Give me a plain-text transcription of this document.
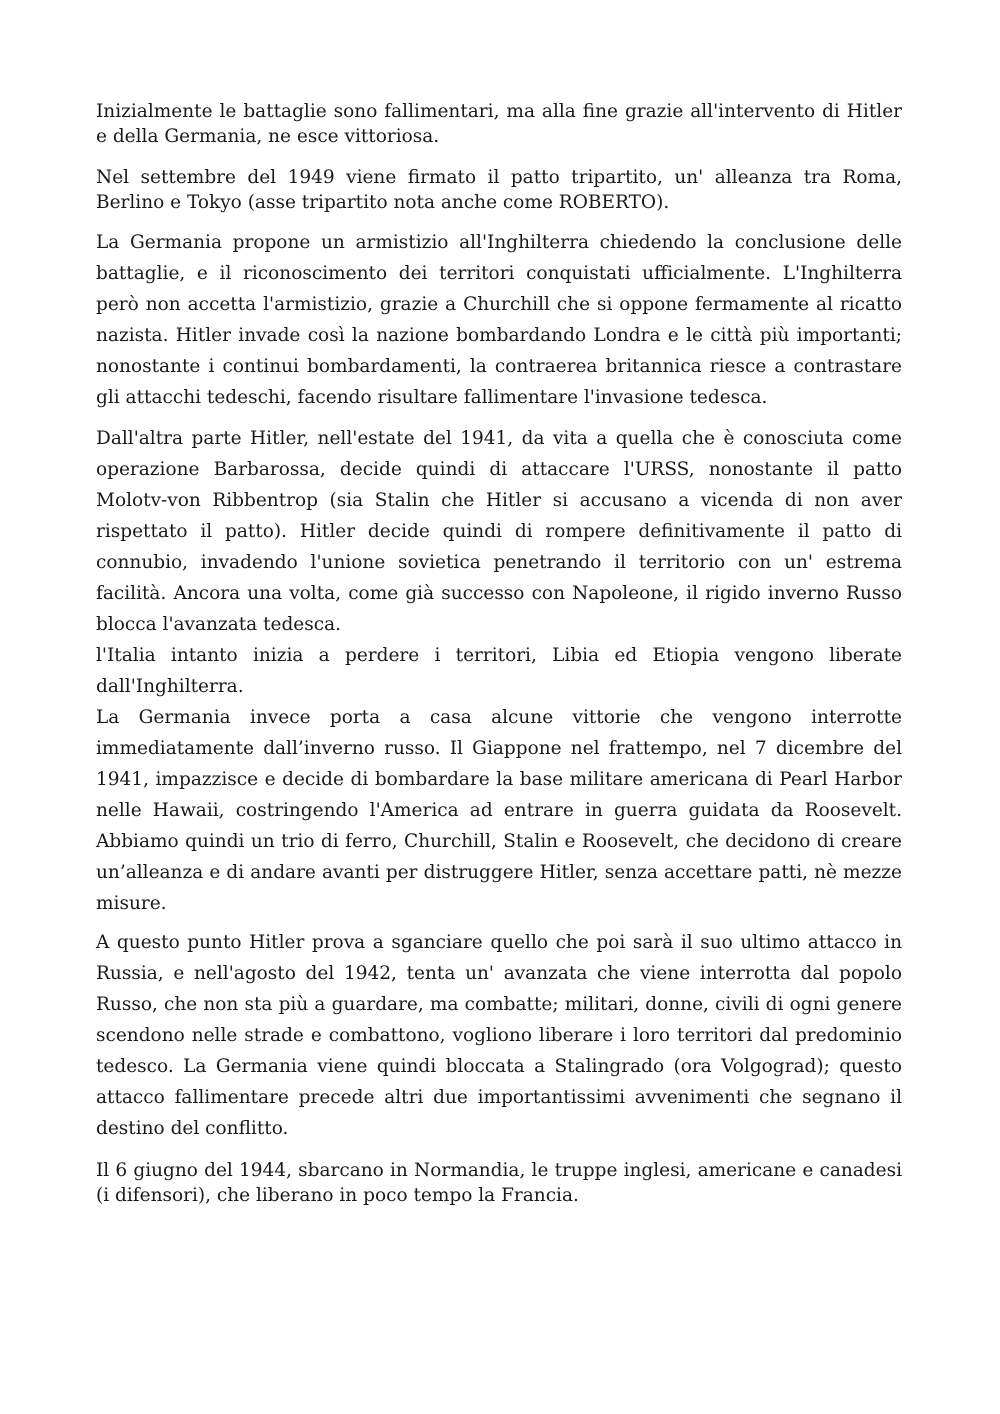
Inizialmente le battaglie sono fallimentari, ma alla fine grazie all'intervento di Hitler e della Germania, ne esce vittoriosa.

Nel settembre del 1949 viene firmato il patto tripartito, un' alleanza tra Roma, Berlino e Tokyo (asse tripartito nota anche come ROBERTO).

La Germania propone un armistizio all'Inghilterra chiedendo la conclusione delle battaglie, e il riconoscimento dei territori conquistati ufficialmente. L'Inghilterra però non accetta l'armistizio, grazie a Churchill che si oppone fermamente al ricatto nazista. Hitler invade così la nazione bombardando Londra e le città più importanti; nonostante i continui bombardamenti, la contraerea britannica riesce a contrastare gli attacchi tedeschi, facendo risultare fallimentare l'invasione tedesca.

Dall'altra parte Hitler, nell'estate del 1941, da vita a quella che è conosciuta come operazione Barbarossa, decide quindi di attaccare l'URSS, nonostante il patto Molotv-von Ribbentrop (sia Stalin che Hitler si accusano a vicenda di non aver rispettato il patto). Hitler decide quindi di rompere definitivamente il patto di connubio, invadendo l'unione sovietica penetrando il territorio con un' estrema facilità. Ancora una volta, come già successo con Napoleone, il rigido inverno Russo blocca l'avanzata tedesca.

l'Italia intanto inizia a perdere i territori, Libia ed Etiopia vengono liberate dall'Inghilterra.

La Germania invece porta a casa alcune vittorie che vengono interrotte immediatamente dall’inverno russo. Il Giappone nel frattempo, nel 7 dicembre del 1941, impazzisce e decide di bombardare la base militare americana di Pearl Harbor nelle Hawaii, costringendo l'America ad entrare in guerra guidata da Roosevelt. Abbiamo quindi un trio di ferro, Churchill, Stalin e Roosevelt, che decidono di creare un’alleanza e di andare avanti per distruggere Hitler, senza accettare patti, nè mezze misure.

A questo punto Hitler prova a sganciare quello che poi sarà il suo ultimo attacco in Russia, e nell'agosto del 1942, tenta un' avanzata che viene interrotta dal popolo Russo, che non sta più a guardare, ma combatte; militari, donne, civili di ogni genere scendono nelle strade e combattono, vogliono liberare i loro territori dal predominio tedesco. La Germania viene quindi bloccata a Stalingrado (ora Volgograd); questo attacco fallimentare precede altri due importantissimi avvenimenti che segnano il destino del conflitto.

Il 6 giugno del 1944, sbarcano in Normandia, le truppe inglesi, americane e canadesi (i difensori), che liberano in poco tempo la Francia.
